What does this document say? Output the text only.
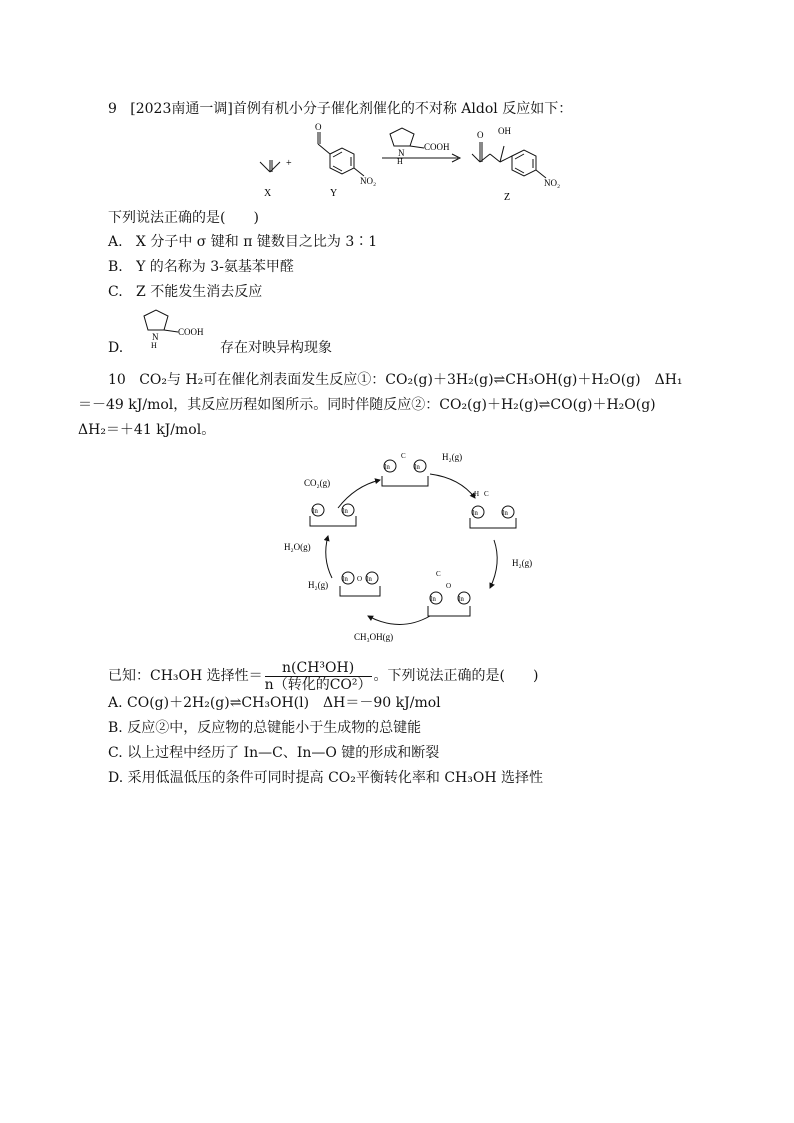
9 [2023南通一调]首例有机小分子催化剂催化的不对称 Aldol 反应如下：
X
+
O
Y
NO₂
N
H
COOH
O OH
Z
NO₂
下列说法正确的是(　　)
A. X 分子中 σ 键和 π 键数目之比为 3∶1
B. Y 的名称为 3-氨基苯甲醛
C. Z 不能发生消去反应
D.
N
H
COOH
存在对映异构现象
10 CO₂与 H₂可在催化剂表面发生反应①：CO₂(g)＋3H₂(g)⇌CH₃OH(g)＋H₂O(g)　ΔH₁
＝－49 kJ/mol，其反应历程如图所示。同时伴随反应②：CO₂(g)＋H₂(g)⇌CO(g)＋H₂O(g)
ΔH₂＝＋41 kJ/mol。
CO₂(g)
H₂(g)
H₂(g)
H₂(g)
H₂O(g)
CH₃OH(g)
In	In
C
In	In
C
H
In	In
O
C
In	In
O
In	In
已知：CH₃OH 选择性＝ $\frac{\text{n(CH³OH)}}{\text{n（转化的CO²）}}$ 。下列说法正确的是(　　)
A. CO(g)＋2H₂(g)⇌CH₃OH(l)　ΔH＝－90 kJ/mol
B. 反应②中，反应物的总键能小于生成物的总键能
C. 以上过程中经历了 In—C、In—O 键的形成和断裂
D. 采用低温低压的条件可同时提高 CO₂平衡转化率和 CH₃OH 选择性
